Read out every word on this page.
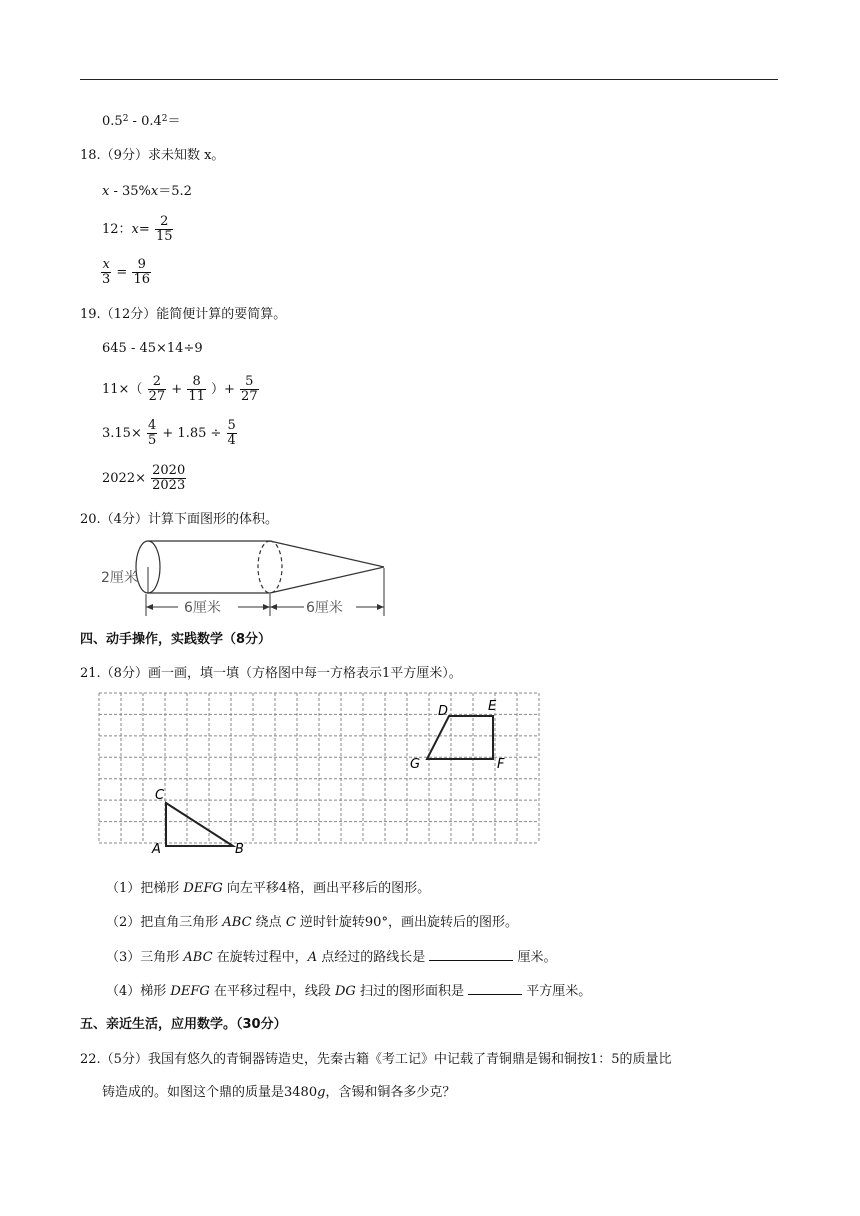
$0.5^2 - 0.4^2=$
18.（9分）求未知数 x。
x - 35%x＝5.2
12：$x= \frac{2}{15}$
$\frac{x}{3} = \frac{9}{16}$
19.（12分）能简便计算的要简算。
645 - 45×14÷9
$11\times( \frac{2}{27} + \frac{8}{11}$ ）+ $\frac{5}{27}$
$3.15\times \frac{4}{5} + 1.85 \div \frac{5}{4}$
$2022\times \frac{2020}{2023}$
20.（4分）计算下面图形的体积。
2厘米
6厘米	6厘米
四、动手操作，实践数学（8分）
21.（8分）画一画，填一填（方格图中每一方格表示1平方厘米）。
D	E
F
G
C
A	B
（1）把梯形 DEFG 向左平移4格，画出平移后的图形。
（2）把直角三角形 ABC 绕点 C 逆时针旋转90°，画出旋转后的图形。
（3）三角形 ABC 在旋转过程中，A 点经过的路线长是	厘米。
（4）梯形 DEFG 在平移过程中，线段 DG 扫过的图形面积是	平方厘米。
五、亲近生活，应用数学。（30分）
22.（5分）我国有悠久的青铜器铸造史，先秦古籍《考工记》中记载了青铜鼎是锡和铜按1：5的质量比
铸造成的。如图这个鼎的质量是3480g，含锡和铜各多少克？
